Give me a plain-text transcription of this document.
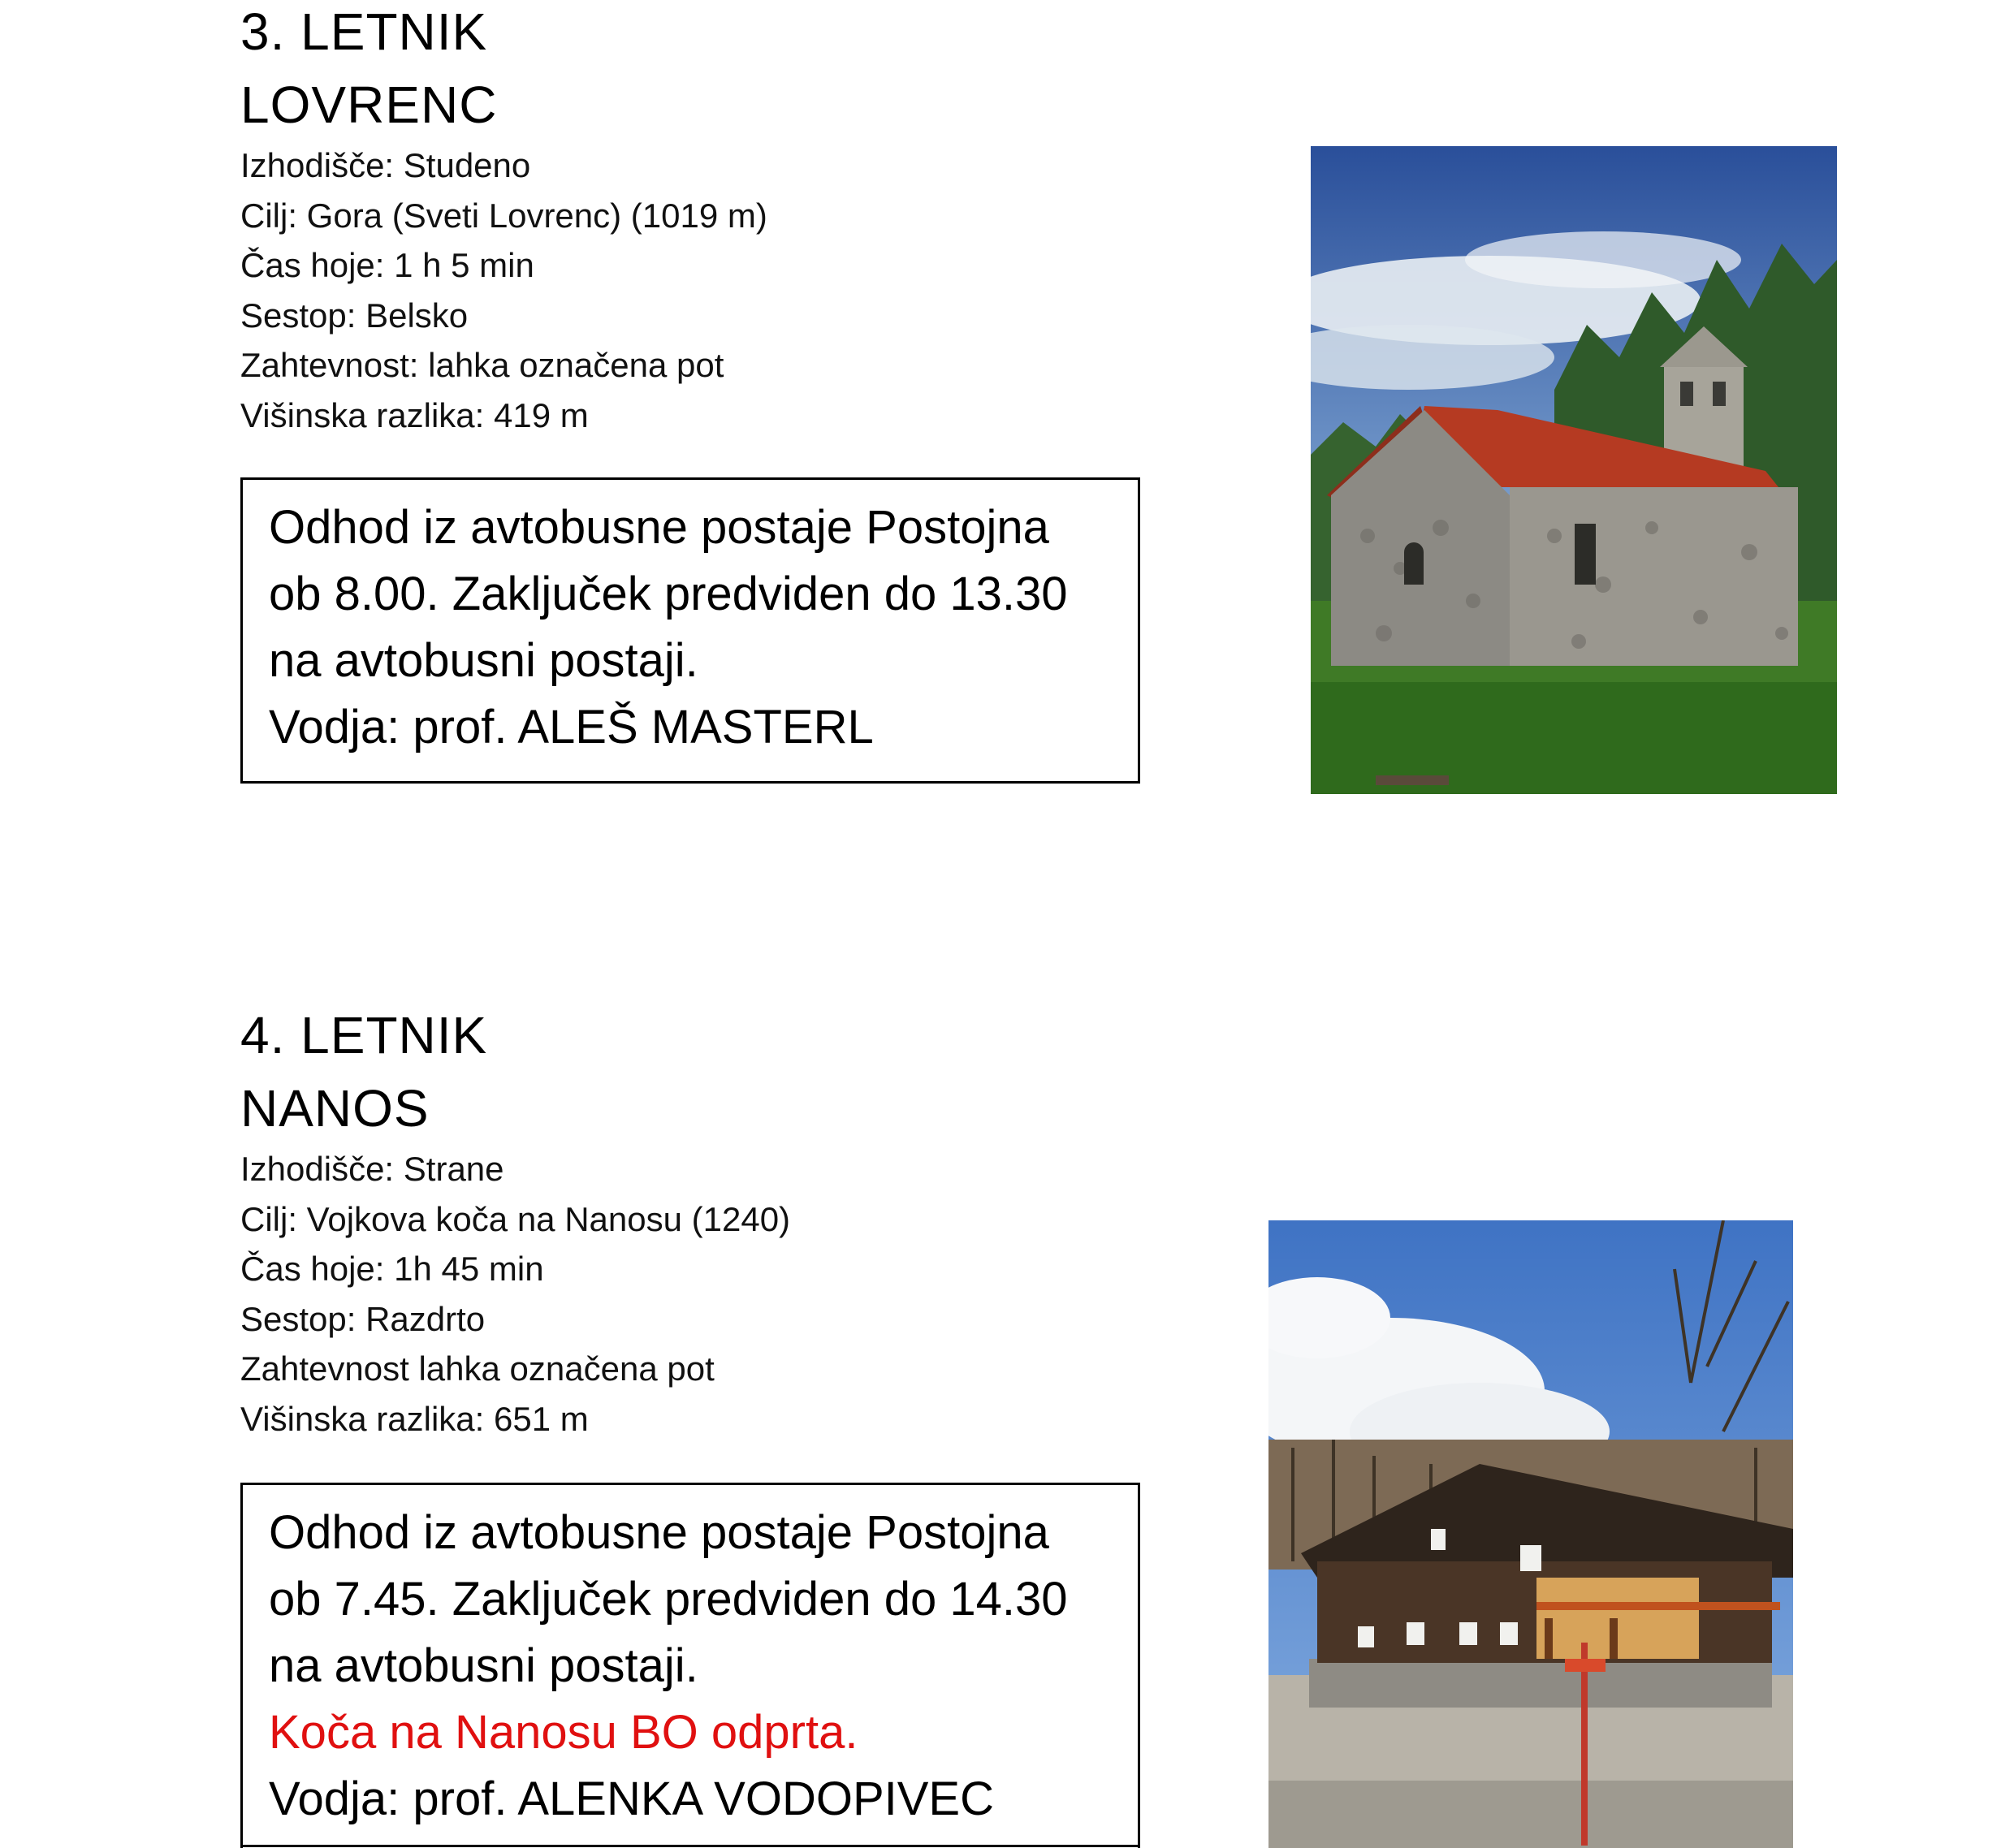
3. LETNIK
LOVRENC
Izhodišče: Studeno
Cilj: Gora (Sveti Lovrenc) (1019 m)
Čas hoje: 1 h 5 min
Sestop: Belsko
Zahtevnost: lahka označena pot
Višinska razlika: 419 m
Odhod iz avtobusne postaje Postojna
ob 8.00. Zaključek predviden do 13.30
na avtobusni postaji.
Vodja: prof. ALEŠ MASTERL
4. LETNIK
NANOS
Izhodišče: Strane
Cilj: Vojkova koča na Nanosu (1240)
Čas hoje: 1h 45 min
Sestop: Razdrto
Zahtevnost lahka označena pot
Višinska razlika: 651 m
Odhod iz avtobusne postaje Postojna
ob 7.45. Zaključek predviden do 14.30
na avtobusni postaji.
Koča na Nanosu BO odprta.
Vodja: prof. ALENKA VODOPIVEC
